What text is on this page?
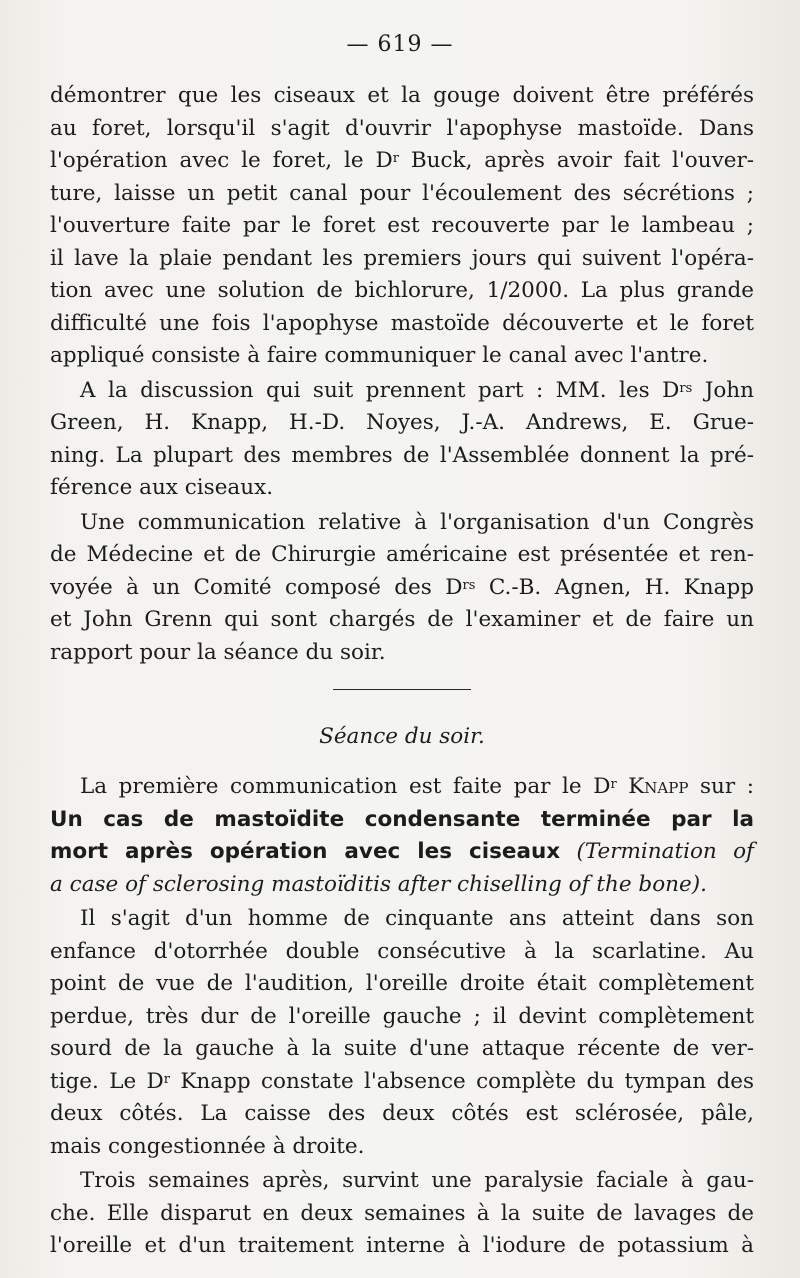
— 619 —

démontrer que les ciseaux et la gouge doivent être préférés

au foret, lorsqu'il s'agit d'ouvrir l'apophyse mastoïde. Dans

l'opération avec le foret, le $D^r$ Buck, après avoir fait l'ouver-

ture, laisse un petit canal pour l'écoulement des sécrétions ;

l'ouverture faite par le foret est recouverte par le lambeau ;

il lave la plaie pendant les premiers jours qui suivent l'opéra-

tion avec une solution de bichlorure, 1/2000. La plus grande

difficulté une fois l'apophyse mastoïde découverte et le foret

appliqué consiste à faire communiquer le canal avec l'antre.

A la discussion qui suit prennent part : MM. les $D^{rs}$ John

Green, H. Knapp, H.-D. Noyes, J.-A. Andrews, E. Grue-

ning. La plupart des membres de l'Assemblée donnent la pré-

férence aux ciseaux.

Une communication relative à l'organisation d'un Congrès

de Médecine et de Chirurgie américaine est présentée et ren-

voyée à un Comité composé des $D^{rs}$ C.-B. Agnen, H. Knapp

et John Grenn qui sont chargés de l'examiner et de faire un

rapport pour la séance du soir.

Séance du soir.

La première communication est faite par le $D^r$ Knapp sur :

Un cas de mastoïdite condensante terminée par la

mort après opération avec les ciseaux (Termination of

a case of sclerosing mastoïditis after chiselling of the bone).

Il s'agit d'un homme de cinquante ans atteint dans son

enfance d'otorrhée double consécutive à la scarlatine. Au

point de vue de l'audition, l'oreille droite était complètement

perdue, très dur de l'oreille gauche ; il devint complètement

sourd de la gauche à la suite d'une attaque récente de ver-

tige. Le $D^r$ Knapp constate l'absence complète du tympan des

deux côtés. La caisse des deux côtés est sclérosée, pâle,

mais congestionnée à droite.

Trois semaines après, survint une paralysie faciale à gau-

che. Elle disparut en deux semaines à la suite de lavages de

l'oreille et d'un traitement interne à l'iodure de potassium à
